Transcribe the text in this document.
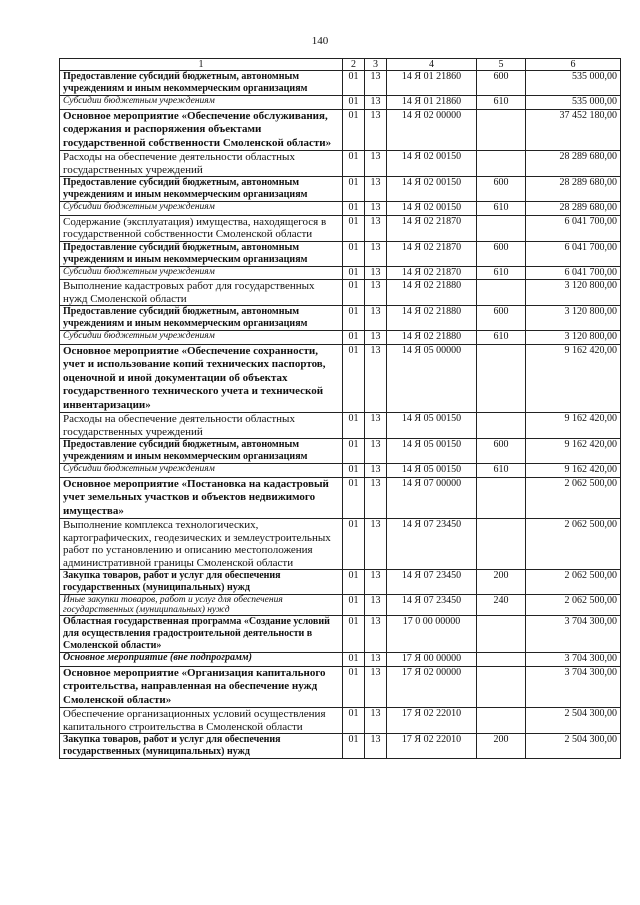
140
1	2	3	4	5	6
Предоставление субсидий бюджетным, автономным учреждениям и иным некоммерческим организациям	01	13	14 Я 01 21860	600	535 000,00
Субсидии бюджетным учреждениям	01	13	14 Я 01 21860	610	535 000,00
Основное мероприятие «Обеспечение обслуживания, содержания и распоряжения объектами государственной собственности Смоленской области»	01	13	14 Я 02 00000		37 452 180,00
Расходы на обеспечение деятельности областных государственных учреждений	01	13	14 Я 02 00150		28 289 680,00
Предоставление субсидий бюджетным, автономным учреждениям и иным некоммерческим организациям	01	13	14 Я 02 00150	600	28 289 680,00
Субсидии бюджетным учреждениям	01	13	14 Я 02 00150	610	28 289 680,00
Содержание (эксплуатация) имущества, находящегося в государственной собственности Смоленской области	01	13	14 Я 02 21870		6 041 700,00
Предоставление субсидий бюджетным, автономным учреждениям и иным некоммерческим организациям	01	13	14 Я 02 21870	600	6 041 700,00
Субсидии бюджетным учреждениям	01	13	14 Я 02 21870	610	6 041 700,00
Выполнение кадастровых работ для государственных нужд Смоленской области	01	13	14 Я 02 21880		3 120 800,00
Предоставление субсидий бюджетным, автономным учреждениям и иным некоммерческим организациям	01	13	14 Я 02 21880	600	3 120 800,00
Субсидии бюджетным учреждениям	01	13	14 Я 02 21880	610	3 120 800,00
Основное мероприятие «Обеспечение сохранности, учет и использование копий технических паспортов, оценочной и иной документации об объектах государственного технического учета и технической инвентаризации»	01	13	14 Я 05 00000		9 162 420,00
Расходы на обеспечение деятельности областных государственных учреждений	01	13	14 Я 05 00150		9 162 420,00
Предоставление субсидий бюджетным, автономным учреждениям и иным некоммерческим организациям	01	13	14 Я 05 00150	600	9 162 420,00
Субсидии бюджетным учреждениям	01	13	14 Я 05 00150	610	9 162 420,00
Основное мероприятие «Постановка на кадастровый учет земельных участков и объектов недвижимого имущества»	01	13	14 Я 07 00000		2 062 500,00
Выполнение комплекса технологических, картографических, геодезических и землеустроительных работ по установлению и описанию местоположения административной границы Смоленской области	01	13	14 Я 07 23450		2 062 500,00
Закупка товаров, работ и услуг для обеспечения государственных (муниципальных) нужд	01	13	14 Я 07 23450	200	2 062 500,00
Иные закупки товаров, работ и услуг для обеспечения государственных (муниципальных) нужд	01	13	14 Я 07 23450	240	2 062 500,00
Областная государственная программа «Создание условий для осуществления градостроительной деятельности в Смоленской области»	01	13	17 0 00 00000		3 704 300,00
Основное мероприятие (вне подпрограмм)	01	13	17 Я 00 00000		3 704 300,00
Основное мероприятие «Организация капитального строительства, направленная на обеспечение нужд Смоленской области»	01	13	17 Я 02 00000		3 704 300,00
Обеспечение организационных условий осуществления капитального строительства в Смоленской области	01	13	17 Я 02 22010		2 504 300,00
Закупка товаров, работ и услуг для обеспечения государственных (муниципальных) нужд	01	13	17 Я 02 22010	200	2 504 300,00
